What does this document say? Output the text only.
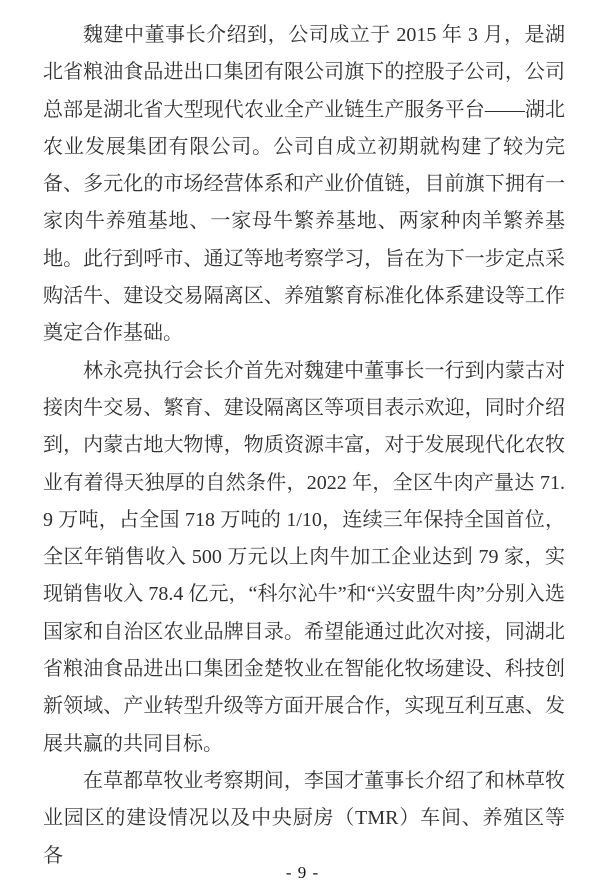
魏建中董事长介绍到，公司成立于 2015 年 3 月，是湖北省粮油食品进出口集团有限公司旗下的控股子公司，公司总部是湖北省大型现代农业全产业链生产服务平台——湖北农业发展集团有限公司。公司自成立初期就构建了较为完备、多元化的市场经营体系和产业价值链，目前旗下拥有一家肉牛养殖基地、一家母牛繁养基地、两家种肉羊繁养基地。此行到呼市、通辽等地考察学习，旨在为下一步定点采购活牛、建设交易隔离区、养殖繁育标准化体系建设等工作奠定合作基础。

林永亮执行会长介首先对魏建中董事长一行到内蒙古对接肉牛交易、繁育、建设隔离区等项目表示欢迎，同时介绍到，内蒙古地大物博，物质资源丰富，对于发展现代化农牧业有着得天独厚的自然条件，2022 年，全区牛肉产量达 71.9 万吨，占全国 718 万吨的 1/10，连续三年保持全国首位，全区年销售收入 500 万元以上肉牛加工企业达到 79 家，实现销售收入 78.4 亿元，“科尔沁牛”和“兴安盟牛肉”分别入选国家和自治区农业品牌目录。希望能通过此次对接，同湖北省粮油食品进出口集团金楚牧业在智能化牧场建设、科技创新领域、产业转型升级等方面开展合作，实现互利互惠、发展共赢的共同目标。

在草都草牧业考察期间，李国才董事长介绍了和林草牧业园区的建设情况以及中央厨房（TMR）车间、养殖区等各

- 9 -
